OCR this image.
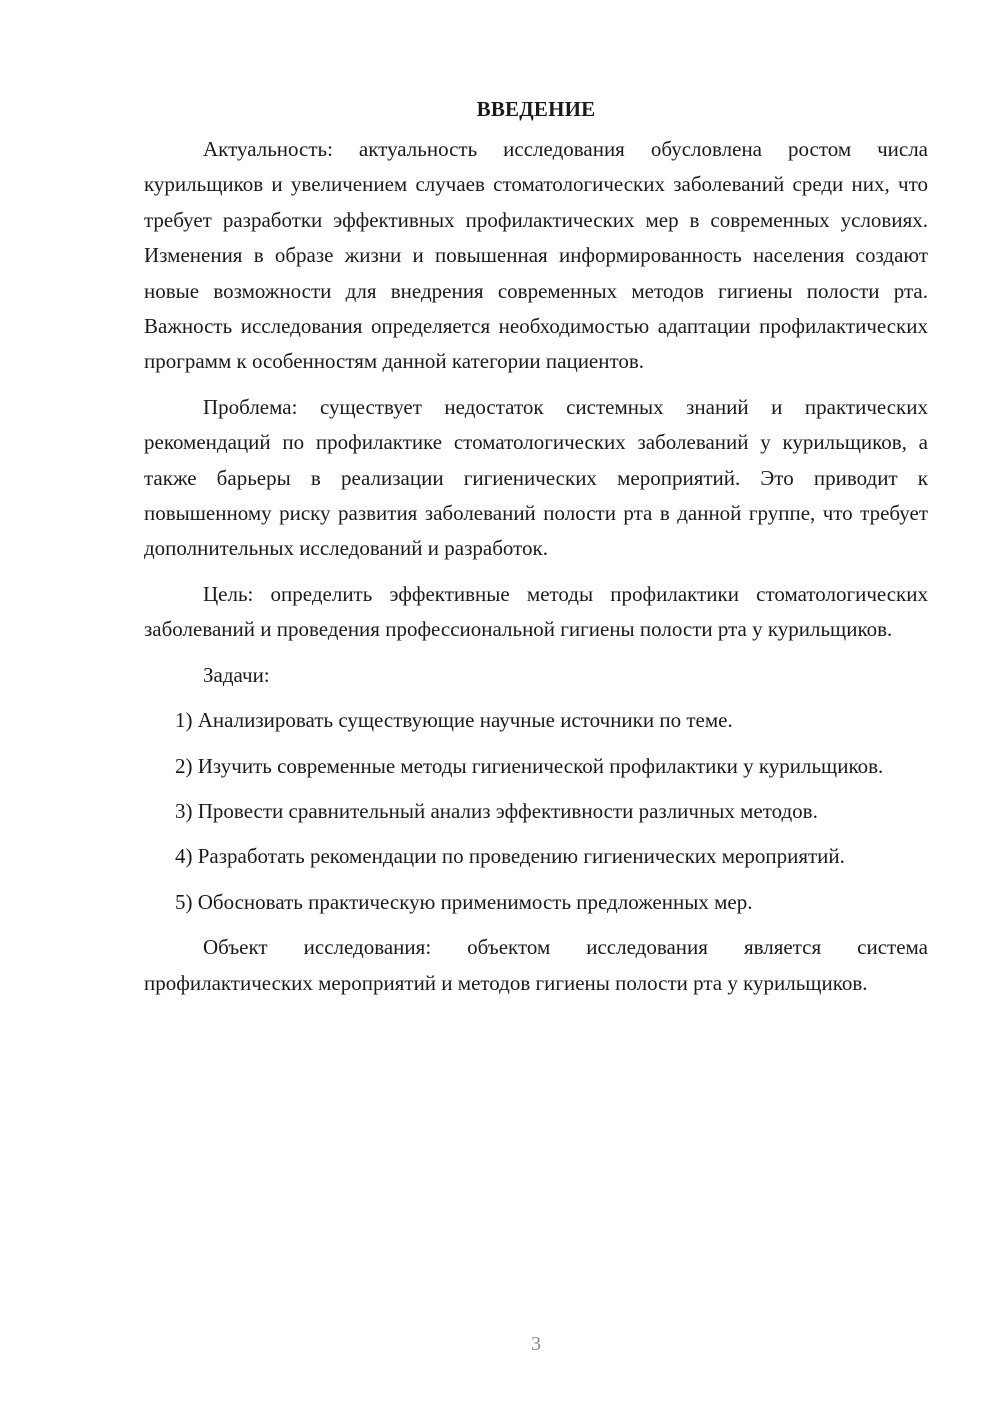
ВВЕДЕНИЕ

Актуальность: актуальность исследования обусловлена ростом числа курильщиков и увеличением случаев стоматологических заболеваний среди них, что требует разработки эффективных профилактических мер в современных условиях. Изменения в образе жизни и повышенная информированность населения создают новые возможности для внедрения современных методов гигиены полости рта. Важность исследования определяется необходимостью адаптации профилактических программ к особенностям данной категории пациентов.

Проблема: существует недостаток системных знаний и практических рекомендаций по профилактике стоматологических заболеваний у курильщиков, а также барьеры в реализации гигиенических мероприятий. Это приводит к повышенному риску развития заболеваний полости рта в данной группе, что требует дополнительных исследований и разработок.

Цель: определить эффективные методы профилактики стоматологических заболеваний и проведения профессиональной гигиены полости рта у курильщиков.

Задачи:

1) Анализировать существующие научные источники по теме.

2) Изучить современные методы гигиенической профилактики у курильщиков.

3) Провести сравнительный анализ эффективности различных методов.

4) Разработать рекомендации по проведению гигиенических мероприятий.

5) Обосновать практическую применимость предложенных мер.

Объект исследования: объектом исследования является система профилактических мероприятий и методов гигиены полости рта у курильщиков.

3
